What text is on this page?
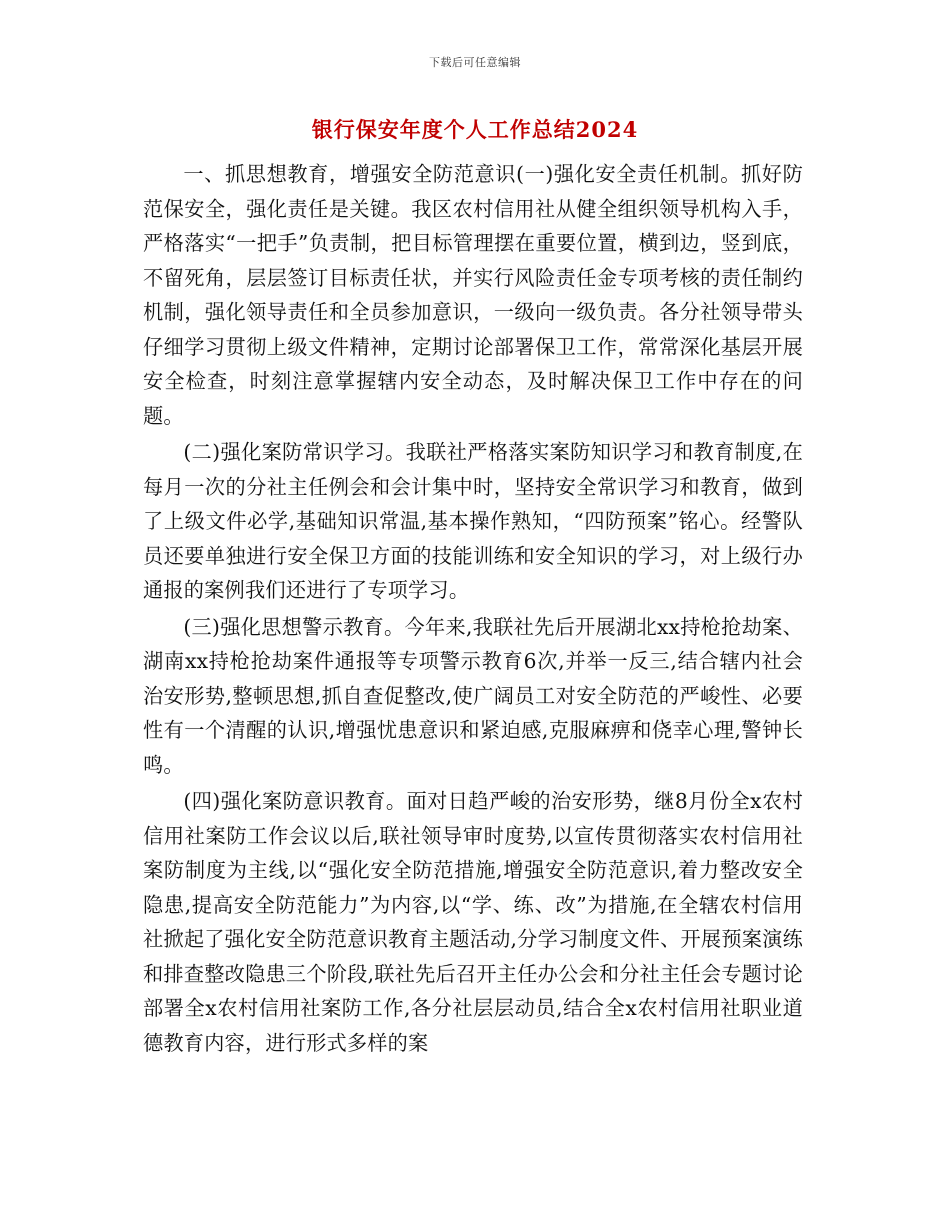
下载后可任意编辑
银行保安年度个人工作总结2024

一、抓思想教育，增强安全防范意识(一)强化安全责任机制。抓好防范保安全，强化责任是关键。我区农村信用社从健全组织领导机构入手，严格落实“一把手”负责制，把目标管理摆在重要位置，横到边，竖到底，不留死角，层层签订目标责任状，并实行风险责任金专项考核的责任制约机制，强化领导责任和全员参加意识，一级向一级负责。各分社领导带头仔细学习贯彻上级文件精神，定期讨论部署保卫工作，常常深化基层开展安全检查，时刻注意掌握辖内安全动态，及时解决保卫工作中存在的问题。

(二)强化案防常识学习。我联社严格落实案防知识学习和教育制度,在每月一次的分社主任例会和会计集中时，坚持安全常识学习和教育，做到了上级文件必学,基础知识常温,基本操作熟知，“四防预案”铭心。经警队员还要单独进行安全保卫方面的技能训练和安全知识的学习，对上级行办通报的案例我们还进行了专项学习。

(三)强化思想警示教育。今年来,我联社先后开展湖北xx持枪抢劫案、湖南xx持枪抢劫案件通报等专项警示教育6次,并举一反三,结合辖内社会治安形势,整顿思想,抓自查促整改,使广阔员工对安全防范的严峻性、必要性有一个清醒的认识,增强忧患意识和紧迫感,克服麻痹和侥幸心理,警钟长鸣。

(四)强化案防意识教育。面对日趋严峻的治安形势，继8月份全x农村信用社案防工作会议以后,联社领导审时度势,以宣传贯彻落实农村信用社案防制度为主线,以“强化安全防范措施,增强安全防范意识,着力整改安全隐患,提高安全防范能力”为内容,以“学、练、改”为措施,在全辖农村信用社掀起了强化安全防范意识教育主题活动,分学习制度文件、开展预案演练和排查整改隐患三个阶段,联社先后召开主任办公会和分社主任会专题讨论部署全x农村信用社案防工作,各分社层层动员,结合全x农村信用社职业道德教育内容，进行形式多样的案
